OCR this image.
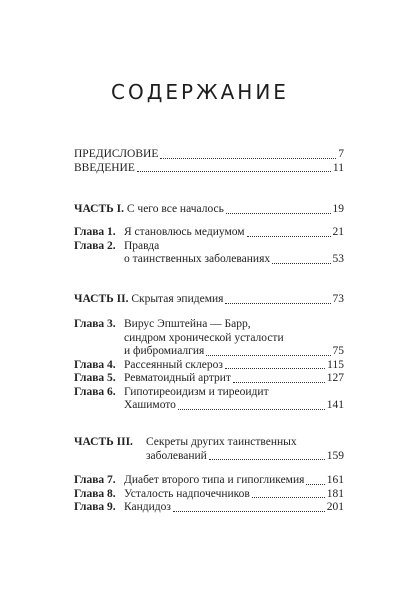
СОДЕРЖАНИЕ
ПРЕДИСЛОВИЕ	7
ВВЕДЕНИЕ	11
ЧАСТЬ I. С чего все началось	19
Глава 1. Я становлюсь медиумом	21
Глава 2. Правда
о таинственных заболеваниях	53
ЧАСТЬ II. Скрытая эпидемия	73
Глава 3. Вирус Эпштейна — Барр,
синдром хронической усталости
и фибромиалгия	75
Глава 4. Рассеянный склероз	115
Глава 5. Ревматоидный артрит	127
Глава 6. Гипотиреоидизм и тиреоидит
Хашимото	141
ЧАСТЬ III.	Секреты других таинственных
заболеваний	159
Глава 7. Диабет второго типа и гипогликемия 161
Глава 8. Усталость надпочечников	181
Глава 9. Кандидоз	201
